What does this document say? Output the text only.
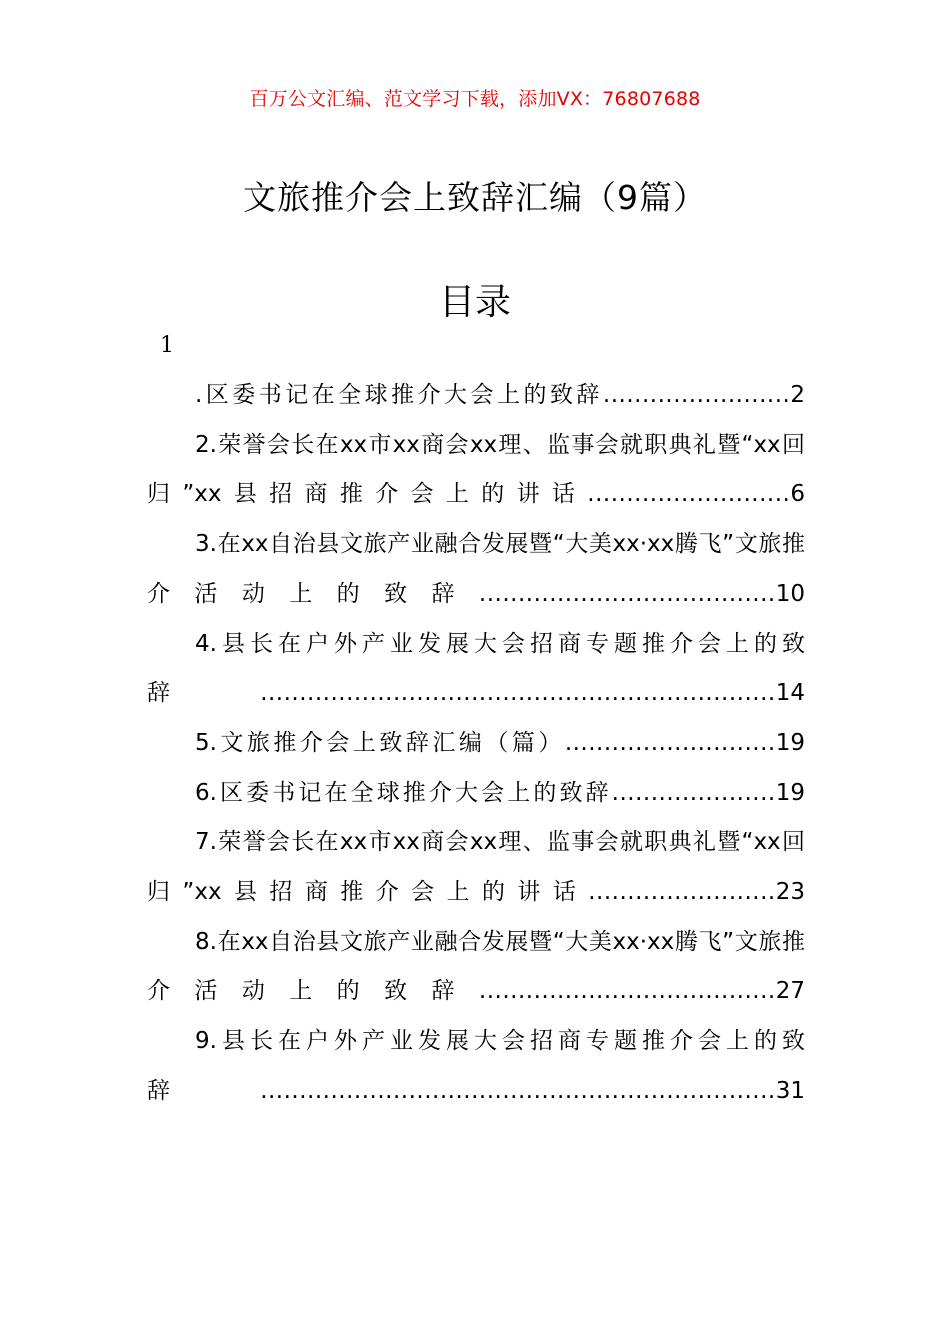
百万公文汇编、范文学习下载，添加VX：76807688
文旅推介会上致辞汇编（9篇）
目录
1

.区委书记在全球推介大会上的致辞........................2

2.荣誉会长在xx市xx商会xx理、监事会就职典礼暨“xx回归”xx县招商推介会上的讲话..........................6

3.在xx自治县文旅产业融合发展暨“大美xx·xx腾飞”文旅推介活动上的致辞......................................10

4.县长在户外产业发展大会招商专题推介会上的致辞..................................................................14

5.文旅推介会上致辞汇编（篇）...........................19

6.区委书记在全球推介大会上的致辞.....................19

7.荣誉会长在xx市xx商会xx理、监事会就职典礼暨“xx回归”xx县招商推介会上的讲话........................23

8.在xx自治县文旅产业融合发展暨“大美xx·xx腾飞”文旅推介活动上的致辞......................................27

9.县长在户外产业发展大会招商专题推介会上的致辞..................................................................31
